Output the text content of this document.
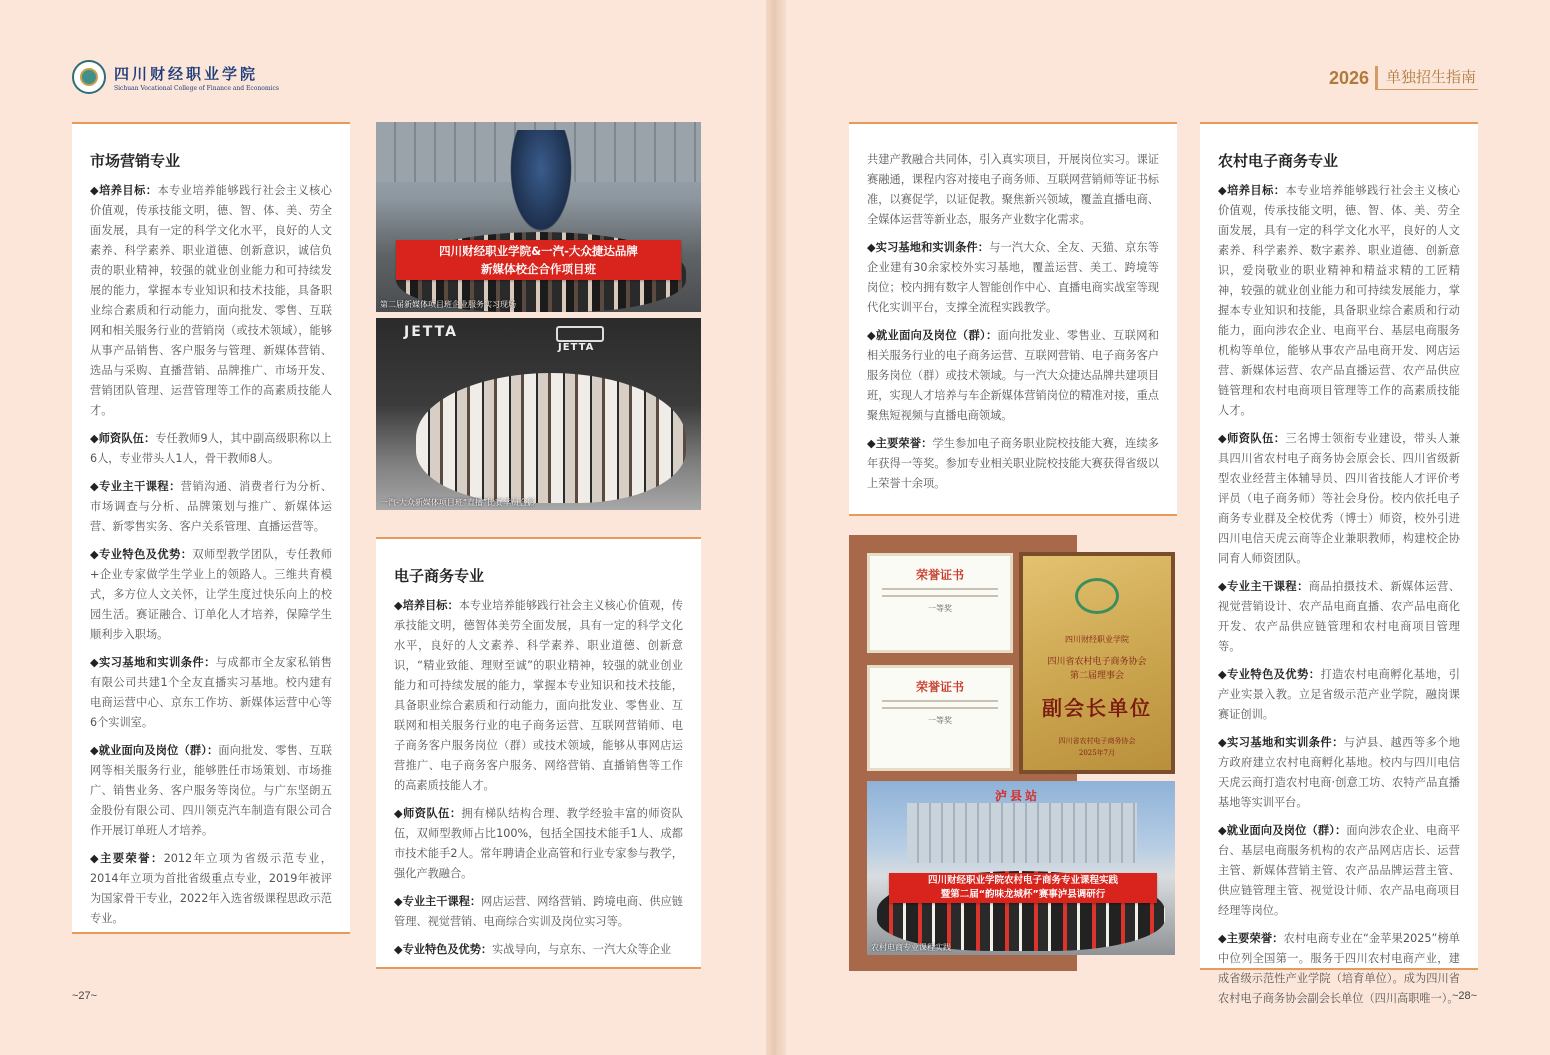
四川财经职业学院
Sichuan Vocational College of Finance and Economics
2026	单独招生指南
市场营销专业

◆培养目标：本专业培养能够践行社会主义核心价值观，传承技能文明，德、智、体、美、劳全面发展，具有一定的科学文化水平，良好的人文素养、科学素养、职业道德、创新意识，诚信负责的职业精神，较强的就业创业能力和可持续发展的能力，掌握本专业知识和技术技能，具备职业综合素质和行动能力，面向批发、零售、互联网和相关服务行业的营销岗（或技术领域），能够从事产品销售、客户服务与管理、新媒体营销、选品与采购、直播营销、品牌推广、市场开发、营销团队管理、运营管理等工作的高素质技能人才。

◆师资队伍：专任教师9人，其中副高级职称以上6人，专业带头人1人，骨干教师8人。

◆专业主干课程：营销沟通、消费者行为分析、市场调查与分析、品牌策划与推广、新媒体运营、新零售实务、客户关系管理、直播运营等。

◆专业特色及优势：双师型教学团队，专任教师+企业专家做学生学业上的领路人。三维共育模式，多方位人文关怀，让学生度过快乐向上的校园生活。赛证融合、订单化人才培养，保障学生顺利步入职场。

◆实习基地和实训条件：与成都市全友家私销售有限公司共建1个全友直播实习基地。校内建有电商运营中心、京东工作坊、新媒体运营中心等6个实训室。

◆就业面向及岗位（群）：面向批发、零售、互联网等相关服务行业，能够胜任市场策划、市场推广、销售业务、客户服务等岗位。与广东坚朗五金股份有限公司、四川领克汽车制造有限公司合作开展订单班人才培养。

◆主要荣誉：2012年立项为省级示范专业，2014年立项为首批省级重点专业，2019年被评为国家骨干专业，2022年入选省级课程思政示范专业。

四川财经职业学院&一汽-大众捷达品牌
新媒体校企合作项目班
第二届新媒体项目班企业服务实习现场
JETTA
JETTA
一汽-大众新媒体项目班“直播”比赛学员合影
电子商务专业

◆培养目标：本专业培养能够践行社会主义核心价值观，传承技能文明，德智体美劳全面发展，具有一定的科学文化水平，良好的人文素养、科学素养、职业道德、创新意识，“精业致能、理财至诚”的职业精神，较强的就业创业能力和可持续发展的能力，掌握本专业知识和技术技能，具备职业综合素质和行动能力，面向批发业、零售业、互联网和相关服务行业的电子商务运营、互联网营销师、电子商务客户服务岗位（群）或技术领域，能够从事网店运营推广、电子商务客户服务、网络营销、直播销售等工作的高素质技能人才。

◆师资队伍：拥有梯队结构合理、教学经验丰富的师资队伍，双师型教师占比100%，包括全国技术能手1人、成都市技术能手2人。常年聘请企业高管和行业专家参与教学，强化产教融合。

◆专业主干课程：网店运营、网络营销、跨境电商、供应链管理、视觉营销、电商综合实训及岗位实习等。

◆专业特色及优势：实战导向，与京东、一汽大众等企业

共建产教融合共同体，引入真实项目，开展岗位实习。课证赛融通，课程内容对接电子商务师、互联网营销师等证书标准，以赛促学，以证促教。聚焦新兴领域，覆盖直播电商、全媒体运营等新业态，服务产业数字化需求。

◆实习基地和实训条件：与一汽大众、全友、天猫、京东等企业建有30余家校外实习基地，覆盖运营、美工、跨境等岗位；校内拥有数字人智能创作中心、直播电商实战室等现代化实训平台，支撑全流程实践教学。

◆就业面向及岗位（群）：面向批发业、零售业、互联网和相关服务行业的电子商务运营、互联网营销、电子商务客户服务岗位（群）或技术领域。与一汽大众捷达品牌共建项目班，实现人才培养与车企新媒体营销岗位的精准对接，重点聚焦短视频与直播电商领域。

◆主要荣誉：学生参加电子商务职业院校技能大赛，连续多年获得一等奖。参加专业相关职业院校技能大赛获得省级以上荣誉十余项。

荣誉证书
一等奖
荣誉证书
一等奖
四川财经职业学院
四川省农村电子商务协会
第二届理事会
副会长单位
四川省农村电子商务协会
2025年7月
泸县站
四川财经职业学院农村电子商务专业课程实践
暨第二届“韵味龙城杯”赛事泸县调研行
农村电商专业课程实践
农村电子商务专业

◆培养目标：本专业培养能够践行社会主义核心价值观，传承技能文明，德、智、体、美、劳全面发展，具有一定的科学文化水平，良好的人文素养、科学素养、数字素养、职业道德、创新意识，爱岗敬业的职业精神和精益求精的工匠精神，较强的就业创业能力和可持续发展能力，掌握本专业知识和技能，具备职业综合素质和行动能力，面向涉农企业、电商平台、基层电商服务机构等单位，能够从事农产品电商开发、网店运营、新媒体运营、农产品直播运营、农产品供应链管理和农村电商项目管理等工作的高素质技能人才。

◆师资队伍：三名博士领衔专业建设，带头人兼具四川省农村电子商务协会原会长、四川省级新型农业经营主体辅导员、四川省技能人才评价考评员（电子商务师）等社会身份。校内依托电子商务专业群及全校优秀（博士）师资，校外引进四川电信天虎云商等企业兼职教师，构建校企协同育人师资团队。

◆专业主干课程：商品拍摄技术、新媒体运营、视觉营销设计、农产品电商直播、农产品电商化开发、农产品供应链管理和农村电商项目管理等。

◆专业特色及优势：打造农村电商孵化基地，引产业实景入教。立足省级示范产业学院，融岗课赛证创训。

◆实习基地和实训条件：与泸县、越西等多个地方政府建立农村电商孵化基地。校内与四川电信天虎云商打造农村电商·创意工坊、农特产品直播基地等实训平台。

◆就业面向及岗位（群）：面向涉农企业、电商平台、基层电商服务机构的农产品网店店长、运营主管、新媒体营销主管、农产品品牌运营主管、供应链管理主管、视觉设计师、农产品电商项目经理等岗位。

◆主要荣誉：农村电商专业在“金苹果2025”榜单中位列全国第一。服务于四川农村电商产业，建成省级示范性产业学院（培育单位）。成为四川省农村电子商务协会副会长单位（四川高职唯一）。

~27~	~28~
